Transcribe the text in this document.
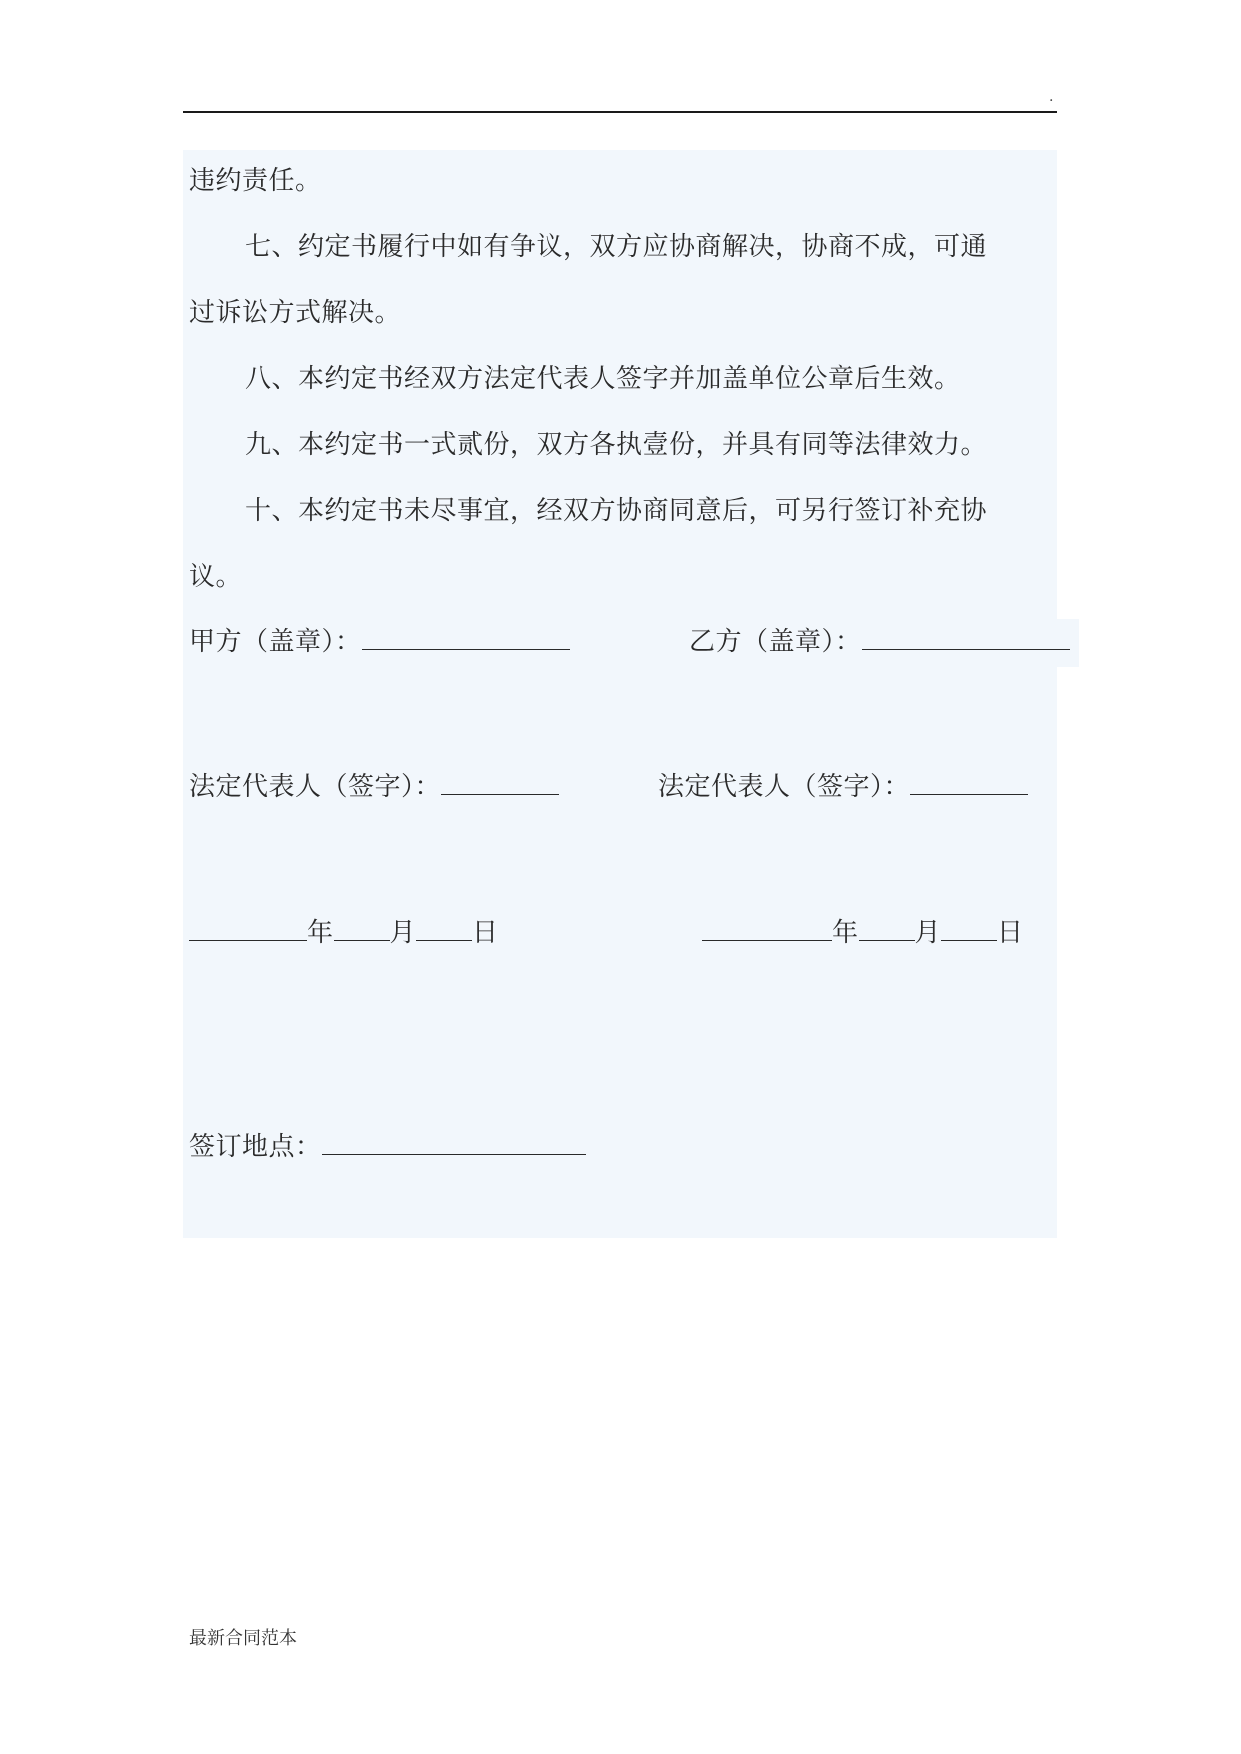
.
违约责任。
七、约定书履行中如有争议，双方应协商解决，协商不成，可通
过诉讼方式解决。
八、本约定书经双方法定代表人签字并加盖单位公章后生效。
九、本约定书一式贰份，双方各执壹份，并具有同等法律效力。
十、本约定书未尽事宜，经双方协商同意后，可另行签订补充协
议。
甲方（盖章）：	乙方（盖章）：
法定代表人（签字）：	法定代表人（签字）：
年 月 日	年 月 日
签订地点：
最新合同范本
